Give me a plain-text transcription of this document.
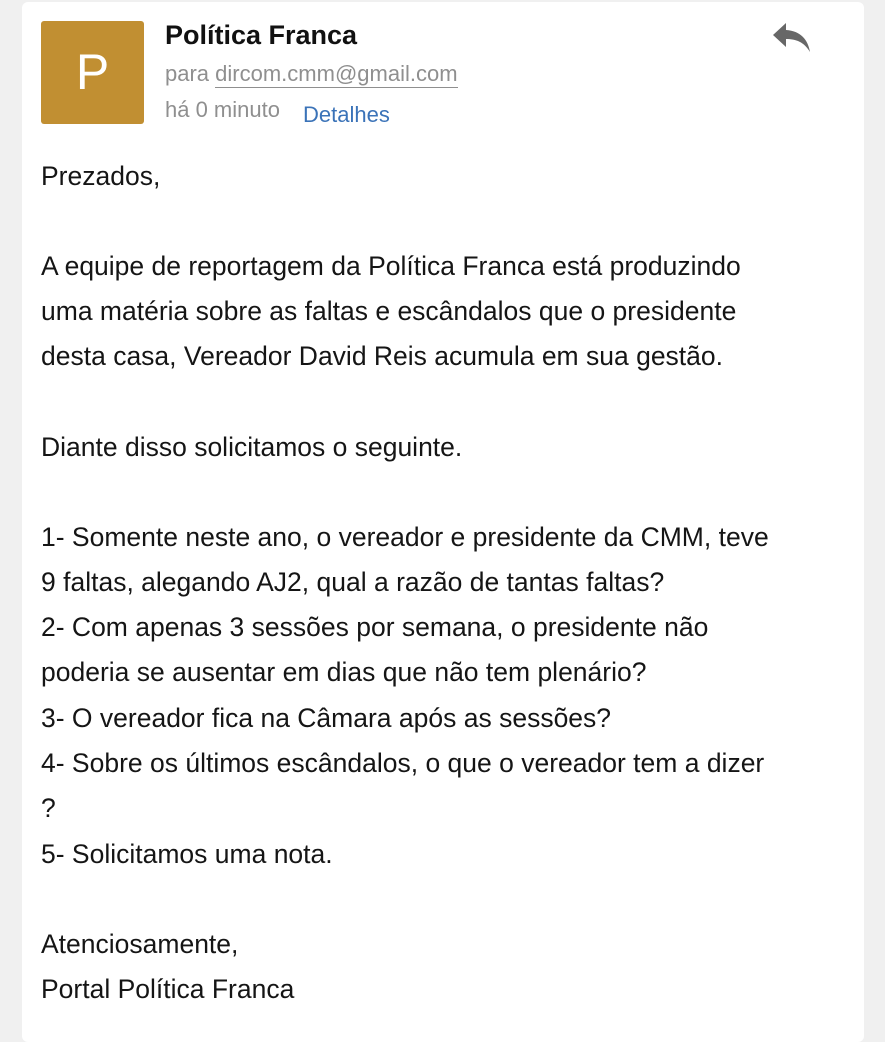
P
Política Franca
para dircom.cmm@gmail.com
há 0 minuto Detalhes
Prezados,
A equipe de reportagem da Política Franca está produzindo
uma matéria sobre as faltas e escândalos que o presidente
desta casa, Vereador David Reis acumula em sua gestão.
Diante disso solicitamos o seguinte.
1- Somente neste ano, o vereador e presidente da CMM, teve
9 faltas, alegando AJ2, qual a razão de tantas faltas?
2- Com apenas 3 sessões por semana, o presidente não
poderia se ausentar em dias que não tem plenário?
3- O vereador fica na Câmara após as sessões?
4- Sobre os últimos escândalos, o que o vereador tem a dizer
?
5- Solicitamos uma nota.
Atenciosamente,
Portal Política Franca
